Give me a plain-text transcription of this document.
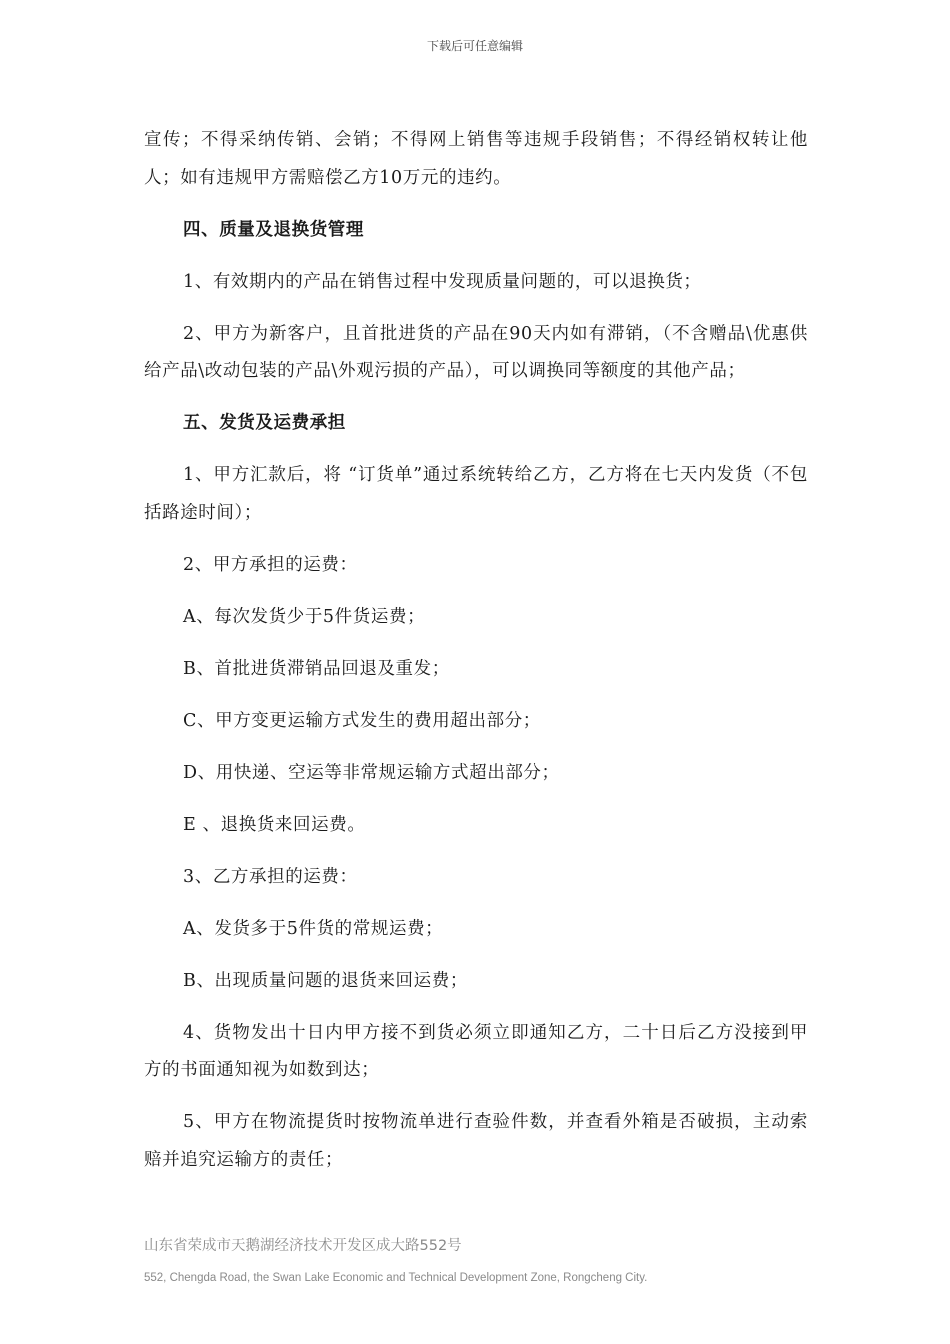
下载后可任意编辑

宣传；不得采纳传销、会销；不得网上销售等违规手段销售；不得经销权转让他人；如有违规甲方需赔偿乙方10万元的违约。

四、质量及退换货管理

1、有效期内的产品在销售过程中发现质量问题的，可以退换货；

2、甲方为新客户，且首批进货的产品在90天内如有滞销，（不含赠品\优惠供给产品\改动包装的产品\外观污损的产品），可以调换同等额度的其他产品；

五、发货及运费承担

1、甲方汇款后，将 “订货单”通过系统转给乙方，乙方将在七天内发货（不包括路途时间）；

2、甲方承担的运费：

A、每次发货少于5件货运费；

B、首批进货滞销品回退及重发；

C、甲方变更运输方式发生的费用超出部分；

D、用快递、空运等非常规运输方式超出部分；

E 、退换货来回运费。

3、乙方承担的运费：

A、发货多于5件货的常规运费；

B、出现质量问题的退货来回运费；

4、货物发出十日内甲方接不到货必须立即通知乙方，二十日后乙方没接到甲方的书面通知视为如数到达；

5、甲方在物流提货时按物流单进行查验件数，并查看外箱是否破损，主动索赔并追究运输方的责任；

山东省荣成市天鹅湖经济技术开发区成大路552号
552, Chengda Road, the Swan Lake Economic and Technical Development Zone, Rongcheng City.
